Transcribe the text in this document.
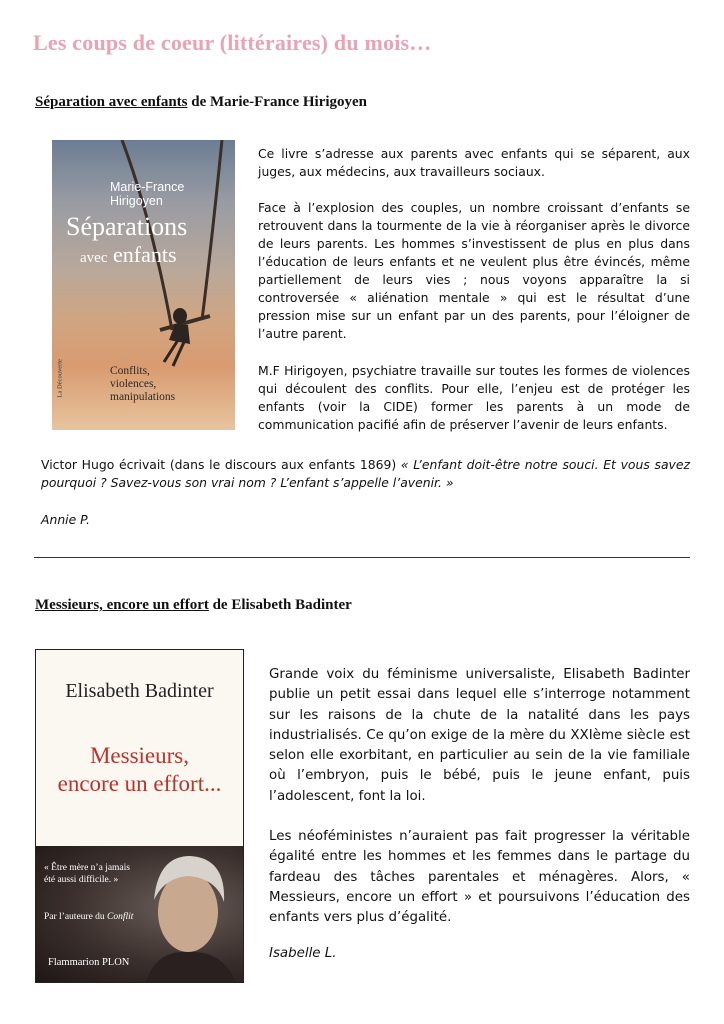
Les coups de coeur (littéraires) du mois…
Séparation avec enfants de Marie-France Hirigoyen
Marie-France
Hirigoyen
Séparations
avec enfants
Conflits,
violences,
manipulations
La Découverte

Ce livre s’adresse aux parents avec enfants qui se séparent, aux juges, aux médecins, aux travailleurs sociaux.

Face à l’explosion des couples, un nombre croissant d’enfants se retrouvent dans la tourmente de la vie à réorganiser après le divorce de leurs parents. Les hommes s’investissent de plus en plus dans l’éducation de leurs enfants et ne veulent plus être évincés, même partiellement de leurs vies ; nous voyons apparaître la si controversée « aliénation mentale » qui est le résultat d’une pression mise sur un enfant par un des parents, pour l’éloigner de l’autre parent.

M.F Hirigoyen, psychiatre travaille sur toutes les formes de violences qui découlent des conflits. Pour elle, l’enjeu est de protéger les enfants (voir la CIDE) former les parents à un mode de communication pacifié afin de préserver l’avenir de leurs enfants.

Victor Hugo écrivait (dans le discours aux enfants 1869) « L’enfant doit-être notre souci. Et vous savez pourquoi ? Savez-vous son vrai nom ? L’enfant s’appelle l’avenir. »

Annie P.
Messieurs, encore un effort de Elisabeth Badinter
Elisabeth Badinter
Messieurs,
encore un effort...
« Être mère n’a jamais
été aussi difficile. »
Par l’auteure du Conflit
Flammarion PLON

Grande voix du féminisme universaliste, Elisabeth Badinter publie un petit essai dans lequel elle s’interroge notamment sur les raisons de la chute de la natalité dans les pays industrialisés. Ce qu’on exige de la mère du XXIème siècle est selon elle exorbitant, en particulier au sein de la vie familiale où l’embryon, puis le bébé, puis le jeune enfant, puis l’adolescent, font la loi.

Les néoféministes n’auraient pas fait progresser la véritable égalité entre les hommes et les femmes dans le partage du fardeau des tâches parentales et ménagères. Alors, « Messieurs, encore un effort » et poursuivons l’éducation des enfants vers plus d’égalité.

Isabelle L.
